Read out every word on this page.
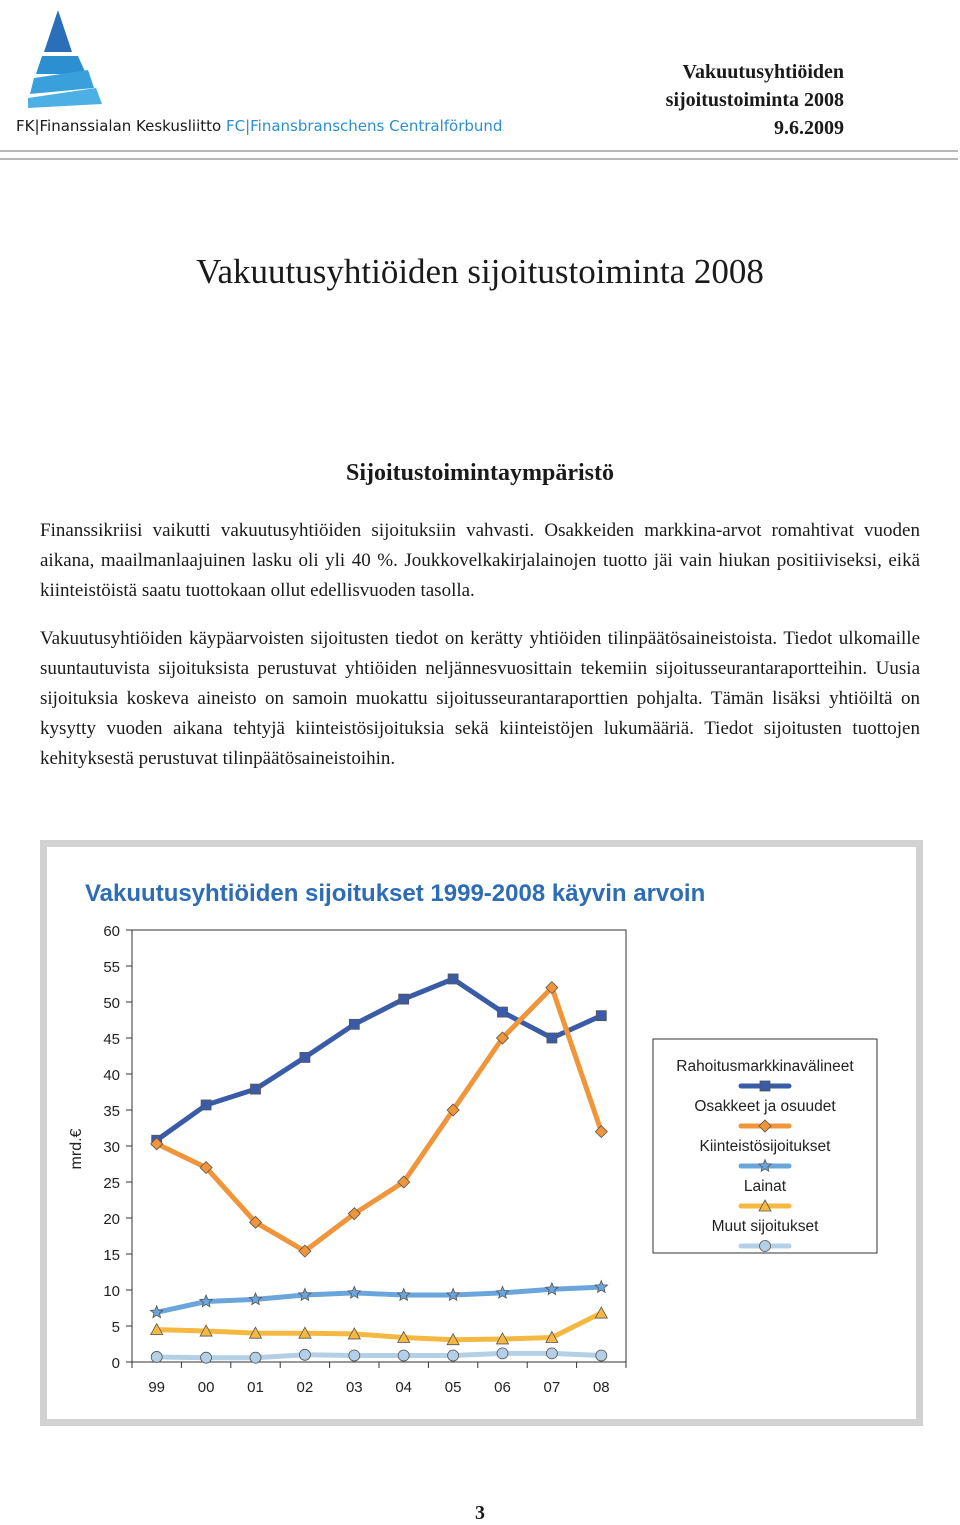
FK|Finanssialan Keskusliitto FC|Finansbranschens Centralförbund
Vakuutusyhtiöiden
sijoitustoiminta 2008
9.6.2009
Vakuutusyhtiöiden sijoitustoiminta 2008
Sijoitustoimintaympäristö

Finanssikriisi vaikutti vakuutusyhtiöiden sijoituksiin vahvasti. Osakkeiden markkina-arvot romahtivat vuoden aikana, maailmanlaajuinen lasku oli yli 40 %. Joukkovelkakirjalainojen tuotto jäi vain hiukan positiiviseksi, eikä kiinteistöistä saatu tuottokaan ollut edellisvuoden tasolla.

Vakuutusyhtiöiden käypäarvoisten sijoitusten tiedot on kerätty yhtiöiden tilinpäätösaineistoista. Tiedot ulkomaille suuntautuvista sijoituksista perustuvat yhtiöiden neljännesvuosittain tekemiin sijoitusseurantaraportteihin. Uusia sijoituksia koskeva aineisto on samoin muokattu sijoitusseurantaraporttien pohjalta. Tämän lisäksi yhtiöiltä on kysytty vuoden aikana tehtyjä kiinteistösijoituksia sekä kiinteistöjen lukumääriä. Tiedot sijoitusten tuottojen kehityksestä perustuvat tilinpäätösaineistoihin.

Vakuutusyhtiöiden sijoitukset 1999-2008 käyvin arvoin
0
5
10
15
20
25
30
35
40
45
50
55
60
99 00 01 02 03 04 05 06 07 08
mrd.€
Rahoitusmarkkinavälineet
Osakkeet ja osuudet
Kiinteistösijoitukset
Lainat
Muut sijoitukset
3
